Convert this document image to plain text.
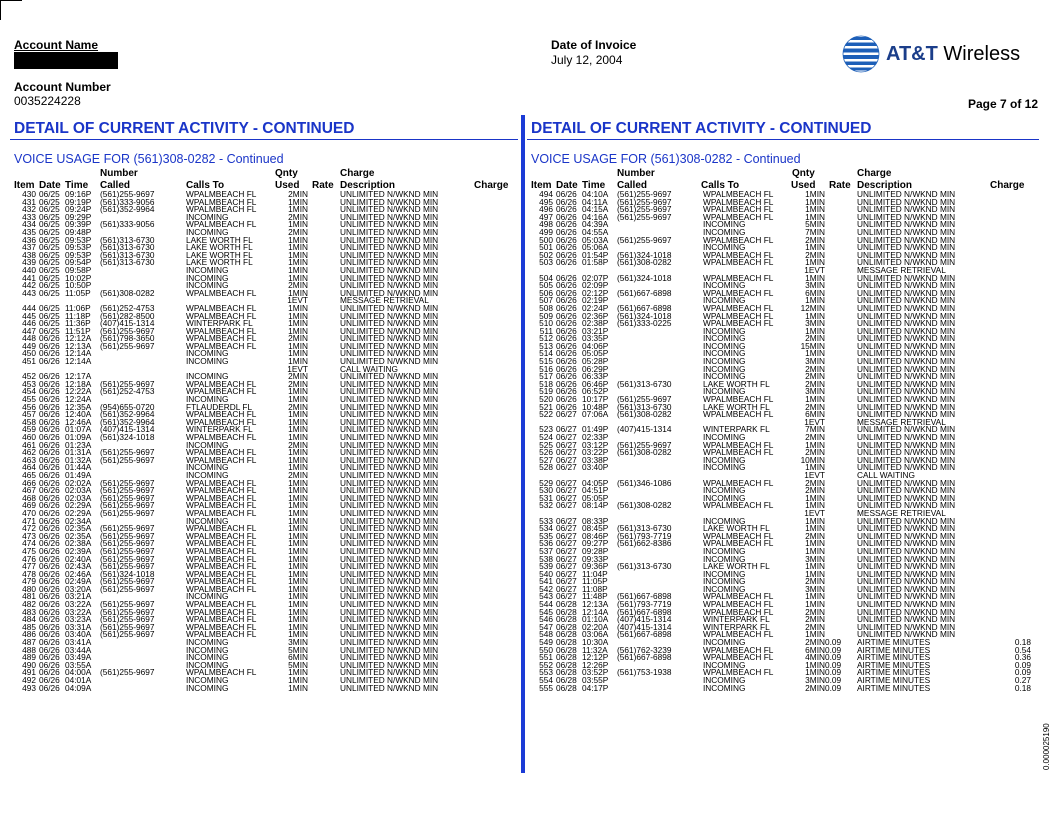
Account Name
Account Number
0035224228
Date of Invoice
July 12, 2004	AT&T Wireless
Page 7 of 12
DETAIL OF CURRENT ACTIVITY - CONTINUED
VOICE USAGE FOR (561)308-0282 - Continued
Number	Qnty	Charge
Item Date Time Called	Calls To	Used Rate Description	Charge
430 06/25 09:16P (561)255-9697	WPALMBEACH FL	2MIN	UNLIMITED N/WKND MIN
431 06/25 09:19P (561)333-9056	WPALMBEACH FL	1MIN	UNLIMITED N/WKND MIN
432 06/25 09:24P (561)352-9964	WPALMBEACH FL	1MIN	UNLIMITED N/WKND MIN
433 06/25 09:29P	INCOMING	2MIN	UNLIMITED N/WKND MIN
434 06/25 09:39P (561)333-9056	WPALMBEACH FL	1MIN	UNLIMITED N/WKND MIN
435 06/25 09:48P	INCOMING	2MIN	UNLIMITED N/WKND MIN
436 06/25 09:53P (561)313-6730	LAKE WORTH FL	1MIN	UNLIMITED N/WKND MIN
437 06/25 09:53P (561)313-6730	LAKE WORTH FL	1MIN	UNLIMITED N/WKND MIN
438 06/25 09:53P (561)313-6730	LAKE WORTH FL	1MIN	UNLIMITED N/WKND MIN
439 06/25 09:54P (561)313-6730	LAKE WORTH FL	1MIN	UNLIMITED N/WKND MIN
440 06/25 09:58P	INCOMING	1MIN	UNLIMITED N/WKND MIN
441 06/25 10:02P	INCOMING	1MIN	UNLIMITED N/WKND MIN
442 06/25 10:50P	INCOMING	2MIN	UNLIMITED N/WKND MIN
443 06/25 11:05P (561)308-0282	WPALMBEACH FL	1MIN	UNLIMITED N/WKND MIN
1EVT	MESSAGE RETRIEVAL
444 06/25 11:06P (561)252-4753	WPALMBEACH FL	1MIN	UNLIMITED N/WKND MIN
445 06/25 11:18P (561)282-8500	WPALMBEACH FL	1MIN	UNLIMITED N/WKND MIN
446 06/25 11:36P (407)415-1314	WINTERPARK FL	1MIN	UNLIMITED N/WKND MIN
447 06/25 11:51P (561)255-9697	WPALMBEACH FL	1MIN	UNLIMITED N/WKND MIN
448 06/26 12:12A (561)798-3650	WPALMBEACH FL	2MIN	UNLIMITED N/WKND MIN
449 06/26 12:13A (561)255-9697	WPALMBEACH FL	1MIN	UNLIMITED N/WKND MIN
450 06/26 12:14A	INCOMING	1MIN	UNLIMITED N/WKND MIN
451 06/26 12:14A	INCOMING	1MIN	UNLIMITED N/WKND MIN
1EVT	CALL WAITING
452 06/26 12:17A	INCOMING	2MIN	UNLIMITED N/WKND MIN
453 06/26 12:18A (561)255-9697	WPALMBEACH FL	2MIN	UNLIMITED N/WKND MIN
454 06/26 12:22A (561)252-4753	WPALMBEACH FL	1MIN	UNLIMITED N/WKND MIN
455 06/26 12:24A	INCOMING	1MIN	UNLIMITED N/WKND MIN
456 06/26 12:35A (954)655-0720	FTLAUDERDL FL	2MIN	UNLIMITED N/WKND MIN
457 06/26 12:40A (561)352-9964	WPALMBEACH FL	1MIN	UNLIMITED N/WKND MIN
458 06/26 12:46A (561)352-9964	WPALMBEACH FL	1MIN	UNLIMITED N/WKND MIN
459 06/26 01:07A (407)415-1314	WINTERPARK FL	1MIN	UNLIMITED N/WKND MIN
460 06/26 01:09A (561)324-1018	WPALMBEACH FL	1MIN	UNLIMITED N/WKND MIN
461 06/26 01:23A	INCOMING	2MIN	UNLIMITED N/WKND MIN
462 06/26 01:31A (561)255-9697	WPALMBEACH FL	1MIN	UNLIMITED N/WKND MIN
463 06/26 01:32A (561)255-9697	WPALMBEACH FL	1MIN	UNLIMITED N/WKND MIN
464 06/26 01:44A	INCOMING	1MIN	UNLIMITED N/WKND MIN
465 06/26 01:49A	INCOMING	2MIN	UNLIMITED N/WKND MIN
466 06/26 02:02A (561)255-9697	WPALMBEACH FL	1MIN	UNLIMITED N/WKND MIN
467 06/26 02:03A (561)255-9697	WPALMBEACH FL	1MIN	UNLIMITED N/WKND MIN
468 06/26 02:03A (561)255-9697	WPALMBEACH FL	1MIN	UNLIMITED N/WKND MIN
469 06/26 02:29A (561)255-9697	WPALMBEACH FL	1MIN	UNLIMITED N/WKND MIN
470 06/26 02:29A (561)255-9697	WPALMBEACH FL	1MIN	UNLIMITED N/WKND MIN
471 06/26 02:34A	INCOMING	1MIN	UNLIMITED N/WKND MIN
472 06/26 02:35A (561)255-9697	WPALMBEACH FL	1MIN	UNLIMITED N/WKND MIN
473 06/26 02:35A (561)255-9697	WPALMBEACH FL	1MIN	UNLIMITED N/WKND MIN
474 06/26 02:38A (561)255-9697	WPALMBEACH FL	1MIN	UNLIMITED N/WKND MIN
475 06/26 02:39A (561)255-9697	WPALMBEACH FL	1MIN	UNLIMITED N/WKND MIN
476 06/26 02:40A (561)255-9697	WPALMBEACH FL	1MIN	UNLIMITED N/WKND MIN
477 06/26 02:43A (561)255-9697	WPALMBEACH FL	1MIN	UNLIMITED N/WKND MIN
478 06/26 02:46A (561)324-1018	WPALMBEACH FL	1MIN	UNLIMITED N/WKND MIN
479 06/26 02:49A (561)255-9697	WPALMBEACH FL	1MIN	UNLIMITED N/WKND MIN
480 06/26 03:20A (561)255-9697	WPALMBEACH FL	1MIN	UNLIMITED N/WKND MIN
481 06/26 03:21A	INCOMING	1MIN	UNLIMITED N/WKND MIN
482 06/26 03:22A (561)255-9697	WPALMBEACH FL	1MIN	UNLIMITED N/WKND MIN
483 06/26 03:22A (561)255-9697	WPALMBEACH FL	1MIN	UNLIMITED N/WKND MIN
484 06/26 03:23A (561)255-9697	WPALMBEACH FL	1MIN	UNLIMITED N/WKND MIN
485 06/26 03:31A (561)255-9697	WPALMBEACH FL	1MIN	UNLIMITED N/WKND MIN
486 06/26 03:40A (561)255-9697	WPALMBEACH FL	1MIN	UNLIMITED N/WKND MIN
487 06/26 03:41A	INCOMING	3MIN	UNLIMITED N/WKND MIN
488 06/26 03:44A	INCOMING	5MIN	UNLIMITED N/WKND MIN
489 06/26 03:49A	INCOMING	6MIN	UNLIMITED N/WKND MIN
490 06/26 03:55A	INCOMING	5MIN	UNLIMITED N/WKND MIN
491 06/26 04:00A (561)255-9697	WPALMBEACH FL	1MIN	UNLIMITED N/WKND MIN
492 06/26 04:01A	INCOMING	1MIN	UNLIMITED N/WKND MIN
493 06/26 04:09A	INCOMING	1MIN	UNLIMITED N/WKND MIN
DETAIL OF CURRENT ACTIVITY - CONTINUED
VOICE USAGE FOR (561)308-0282 - Continued
Number	Qnty	Charge
Item Date Time Called	Calls To	Used Rate Description	Charge
494 06/26 04:10A (561)255-9697	WPALMBEACH FL	1MIN	UNLIMITED N/WKND MIN
495 06/26 04:11A (561)255-9697	WPALMBEACH FL	1MIN	UNLIMITED N/WKND MIN
496 06/26 04:15A (561)255-9697	WPALMBEACH FL	1MIN	UNLIMITED N/WKND MIN
497 06/26 04:16A (561)255-9697	WPALMBEACH FL	1MIN	UNLIMITED N/WKND MIN
498 06/26 04:39A	INCOMING	5MIN	UNLIMITED N/WKND MIN
499 06/26 04:55A	INCOMING	7MIN	UNLIMITED N/WKND MIN
500 06/26 05:03A (561)255-9697	WPALMBEACH FL	2MIN	UNLIMITED N/WKND MIN
501 06/26 05:06A	INCOMING	1MIN	UNLIMITED N/WKND MIN
502 06/26 01:54P (561)324-1018	WPALMBEACH FL	2MIN	UNLIMITED N/WKND MIN
503 06/26 01:58P (561)308-0282	WPALMBEACH FL	1MIN	UNLIMITED N/WKND MIN
1EVT	MESSAGE RETRIEVAL
504 06/26 02:07P (561)324-1018	WPALMBEACH FL	1MIN	UNLIMITED N/WKND MIN
505 06/26 02:09P	INCOMING	3MIN	UNLIMITED N/WKND MIN
506 06/26 02:12P (561)667-6898	WPALMBEACH FL	6MIN	UNLIMITED N/WKND MIN
507 06/26 02:19P	INCOMING	1MIN	UNLIMITED N/WKND MIN
508 06/26 02:24P (561)667-6898	WPALMBEACH FL	12MIN	UNLIMITED N/WKND MIN
509 06/26 02:36P (561)324-1018	WPALMBEACH FL	1MIN	UNLIMITED N/WKND MIN
510 06/26 02:38P (561)333-0225	WPALMBEACH FL	3MIN	UNLIMITED N/WKND MIN
511 06/26 03:21P	INCOMING	1MIN	UNLIMITED N/WKND MIN
512 06/26 03:35P	INCOMING	2MIN	UNLIMITED N/WKND MIN
513 06/26 04:06P	INCOMING	15MIN	UNLIMITED N/WKND MIN
514 06/26 05:05P	INCOMING	1MIN	UNLIMITED N/WKND MIN
515 06/26 05:28P	INCOMING	3MIN	UNLIMITED N/WKND MIN
516 06/26 06:29P	INCOMING	2MIN	UNLIMITED N/WKND MIN
517 06/26 06:33P	INCOMING	2MIN	UNLIMITED N/WKND MIN
518 06/26 06:46P (561)313-6730	LAKE WORTH FL	2MIN	UNLIMITED N/WKND MIN
519 06/26 06:52P	INCOMING	3MIN	UNLIMITED N/WKND MIN
520 06/26 10:17P (561)255-9697	WPALMBEACH FL	1MIN	UNLIMITED N/WKND MIN
521 06/26 10:48P (561)313-6730	LAKE WORTH FL	2MIN	UNLIMITED N/WKND MIN
522 06/27 07:06A (561)308-0282	WPALMBEACH FL	6MIN	UNLIMITED N/WKND MIN
1EVT	MESSAGE RETRIEVAL
523 06/27 01:49P (407)415-1314	WINTERPARK FL	7MIN	UNLIMITED N/WKND MIN
524 06/27 02:33P	INCOMING	2MIN	UNLIMITED N/WKND MIN
525 06/27 03:12P (561)255-9697	WPALMBEACH FL	1MIN	UNLIMITED N/WKND MIN
526 06/27 03:22P (561)308-0282	WPALMBEACH FL	2MIN	UNLIMITED N/WKND MIN
527 06/27 03:38P	INCOMING	10MIN	UNLIMITED N/WKND MIN
528 06/27 03:40P	INCOMING	1MIN	UNLIMITED N/WKND MIN
1EVT	CALL WAITING
529 06/27 04:05P (561)346-1086	WPALMBEACH FL	2MIN	UNLIMITED N/WKND MIN
530 06/27 04:51P	INCOMING	2MIN	UNLIMITED N/WKND MIN
531 06/27 05:05P	INCOMING	1MIN	UNLIMITED N/WKND MIN
532 06/27 08:14P (561)308-0282	WPALMBEACH FL	1MIN	UNLIMITED N/WKND MIN
1EVT	MESSAGE RETRIEVAL
533 06/27 08:33P	INCOMING	1MIN	UNLIMITED N/WKND MIN
534 06/27 08:45P (561)313-6730	LAKE WORTH FL	1MIN	UNLIMITED N/WKND MIN
535 06/27 08:46P (561)793-7719	WPALMBEACH FL	2MIN	UNLIMITED N/WKND MIN
536 06/27 09:27P (561)662-8386	WPALMBEACH FL	1MIN	UNLIMITED N/WKND MIN
537 06/27 09:28P	INCOMING	1MIN	UNLIMITED N/WKND MIN
538 06/27 09:33P	INCOMING	3MIN	UNLIMITED N/WKND MIN
539 06/27 09:36P (561)313-6730	LAKE WORTH FL	1MIN	UNLIMITED N/WKND MIN
540 06/27 11:04P	INCOMING	1MIN	UNLIMITED N/WKND MIN
541 06/27 11:05P	INCOMING	2MIN	UNLIMITED N/WKND MIN
542 06/27 11:08P	INCOMING	3MIN	UNLIMITED N/WKND MIN
543 06/27 11:48P (561)667-6898	WPALMBEACH FL	1MIN	UNLIMITED N/WKND MIN
544 06/28 12:13A (561)793-7719	WPALMBEACH FL	1MIN	UNLIMITED N/WKND MIN
545 06/28 12:14A (561)667-6898	WPALMBEACH FL	2MIN	UNLIMITED N/WKND MIN
546 06/28 01:10A (407)415-1314	WINTERPARK FL	2MIN	UNLIMITED N/WKND MIN
547 06/28 02:20A (407)415-1314	WINTERPARK FL	2MIN	UNLIMITED N/WKND MIN
548 06/28 03:06A (561)667-6898	WPALMBEACH FL	1MIN	UNLIMITED N/WKND MIN
549 06/28 10:30A	INCOMING	2MIN 0.09 AIRTIME MINUTES	0.18
550 06/28 11:32A (561)762-3239	WPALMBEACH FL	6MIN 0.09 AIRTIME MINUTES	0.54
551 06/28 12:12P (561)667-6898	WPALMBEACH FL	4MIN 0.09 AIRTIME MINUTES	0.36
552 06/28 12:26P	INCOMING	1MIN 0.09 AIRTIME MINUTES	0.09
553 06/28 03:52P (561)753-1938	WPALMBEACH FL	1MIN 0.09 AIRTIME MINUTES	0.09
554 06/28 03:55P	INCOMING	3MIN 0.09 AIRTIME MINUTES	0.27
555 06/28 04:17P	INCOMING	2MIN 0.09 AIRTIME MINUTES	0.18
0.000025190
